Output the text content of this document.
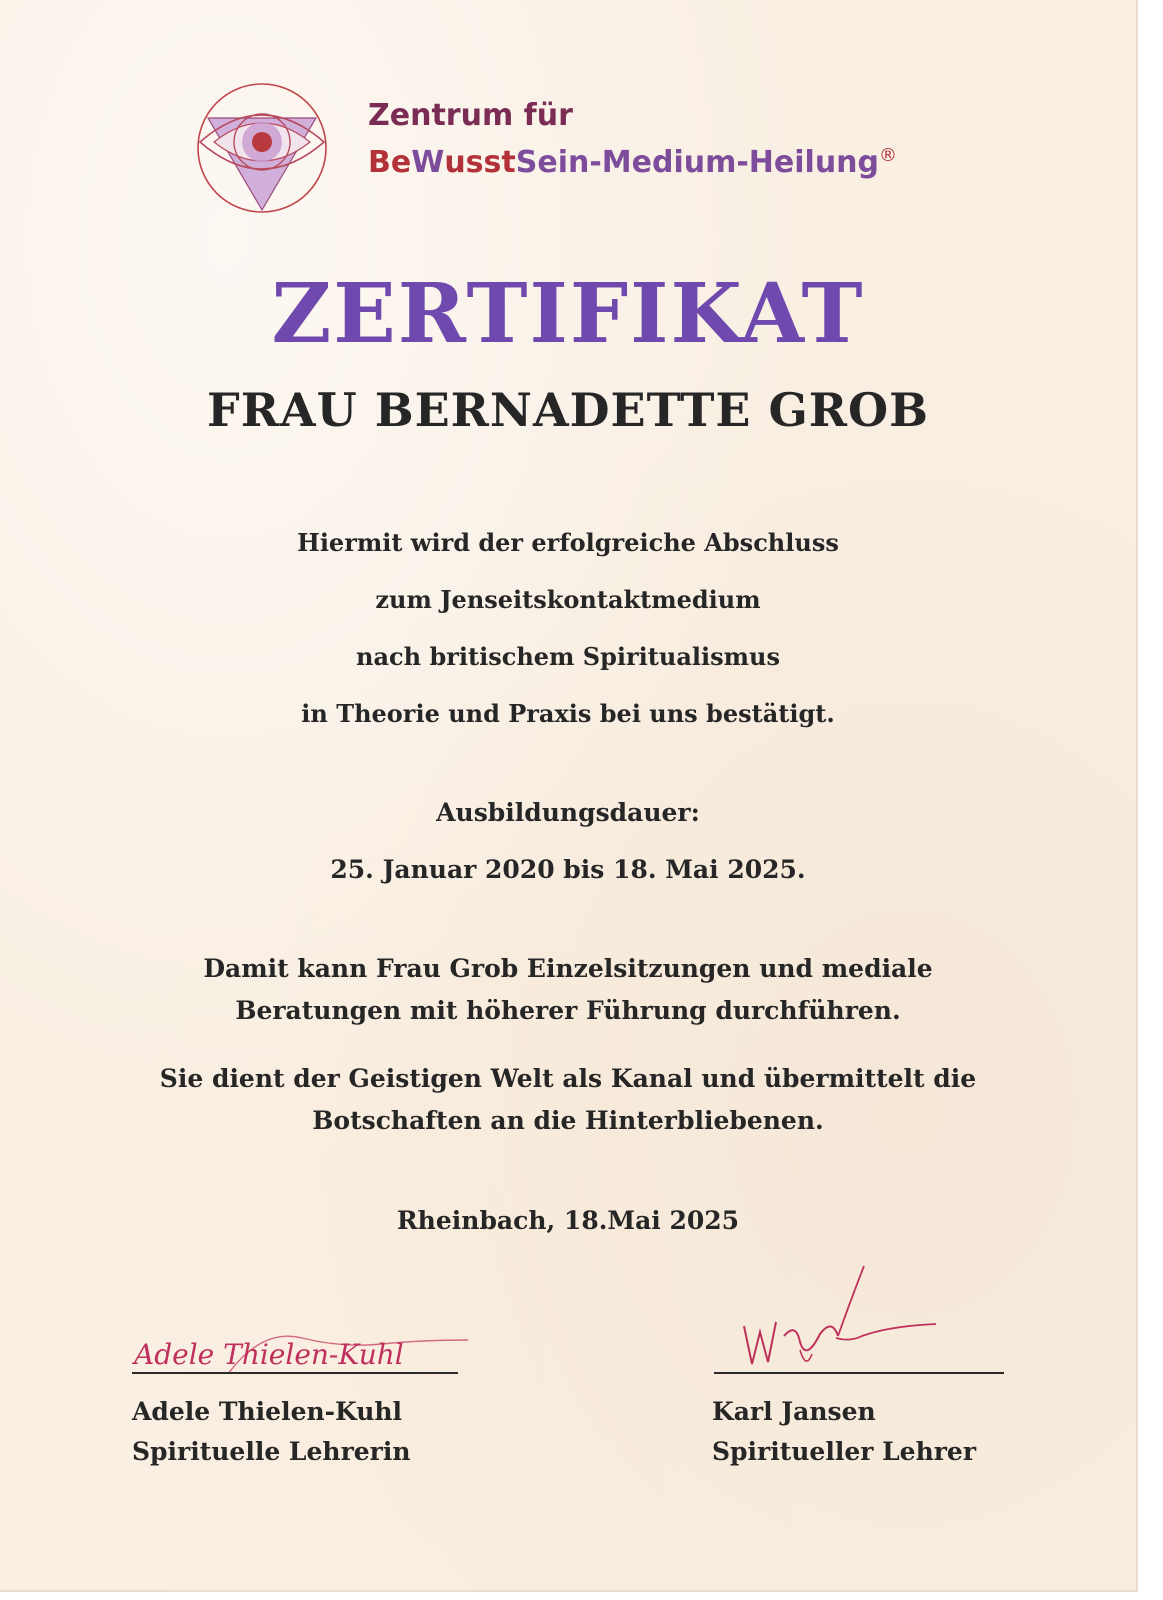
Zentrum für
BeWusstSein-Medium-Heilung®
ZERTIFIKAT
FRAU BERNADETTE GROB
Hiermit wird der erfolgreiche Abschluss
zum Jenseitskontaktmedium
nach britischem Spiritualismus
in Theorie und Praxis bei uns bestätigt.
Ausbildungsdauer:
25. Januar 2020 bis 18. Mai 2025.
Damit kann Frau Grob Einzelsitzungen und mediale
Beratungen mit höherer Führung durchführen.
Sie dient der Geistigen Welt als Kanal und übermittelt die
Botschaften an die Hinterbliebenen.
Rheinbach, 18.Mai 2025
Adele Thielen-Kuhl
Adele Thielen-Kuhl
Spirituelle Lehrerin
Karl Jansen
Spiritueller Lehrer
